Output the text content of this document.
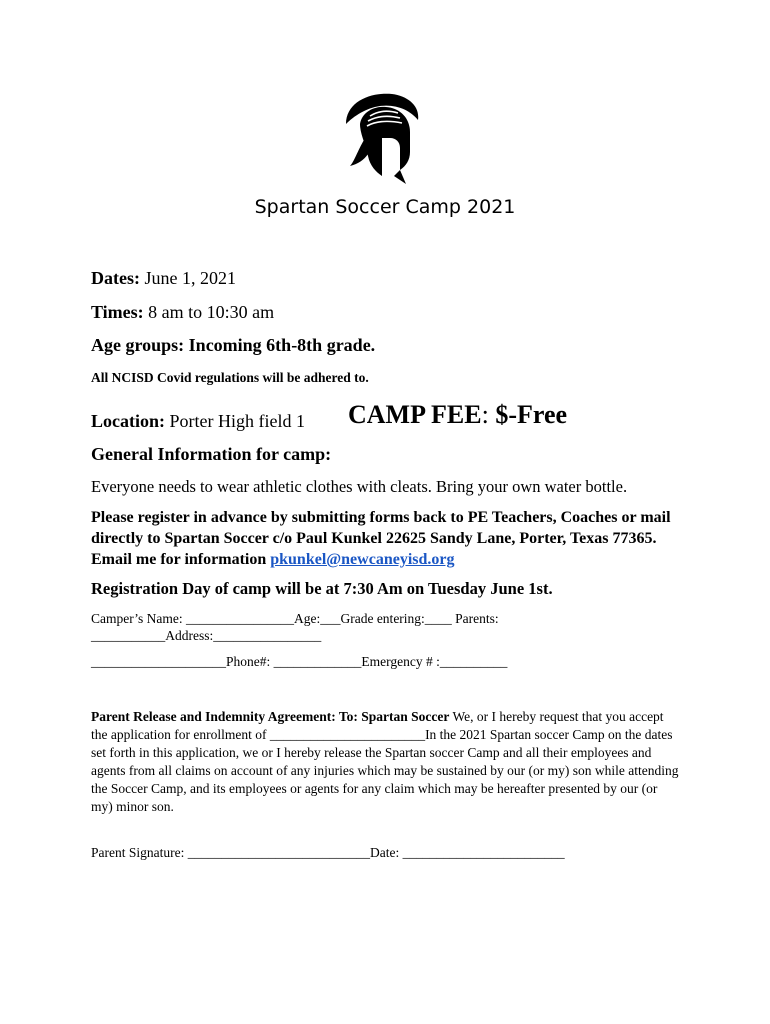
Spartan Soccer Camp 2021
Dates: June 1, 2021
Times: 8 am to 10:30 am
Age groups: Incoming 6th-8th grade.
All NCISD Covid regulations will be adhered to.
Location: Porter High field 1 CAMP FEE: $-Free
General Information for camp:
Everyone needs to wear athletic clothes with cleats. Bring your own water bottle.
Please register in advance by submitting forms back to PE Teachers, Coaches or mail directly to Spartan Soccer c/o Paul Kunkel 22625 Sandy Lane, Porter, Texas 77365. Email me for information pkunkel@newcaneyisd.org
Registration Day of camp will be at 7:30 Am on Tuesday June 1st.
Camper’s Name: ________________Age:___Grade entering:____ Parents:
___________Address:________________
____________________Phone#: _____________Emergency # :__________
Parent Release and Indemnity Agreement: To: Spartan Soccer We, or I hereby request that you accept the application for enrollment of _______________________In the 2021 Spartan soccer Camp on the dates set forth in this application, we or I hereby release the Spartan soccer Camp and all their employees and agents from all claims on account of any injuries which may be sustained by our (or my) son while attending the Soccer Camp, and its employees or agents for any claim which may be hereafter presented by our (or my) minor son.
Parent Signature: ___________________________Date: ________________________
